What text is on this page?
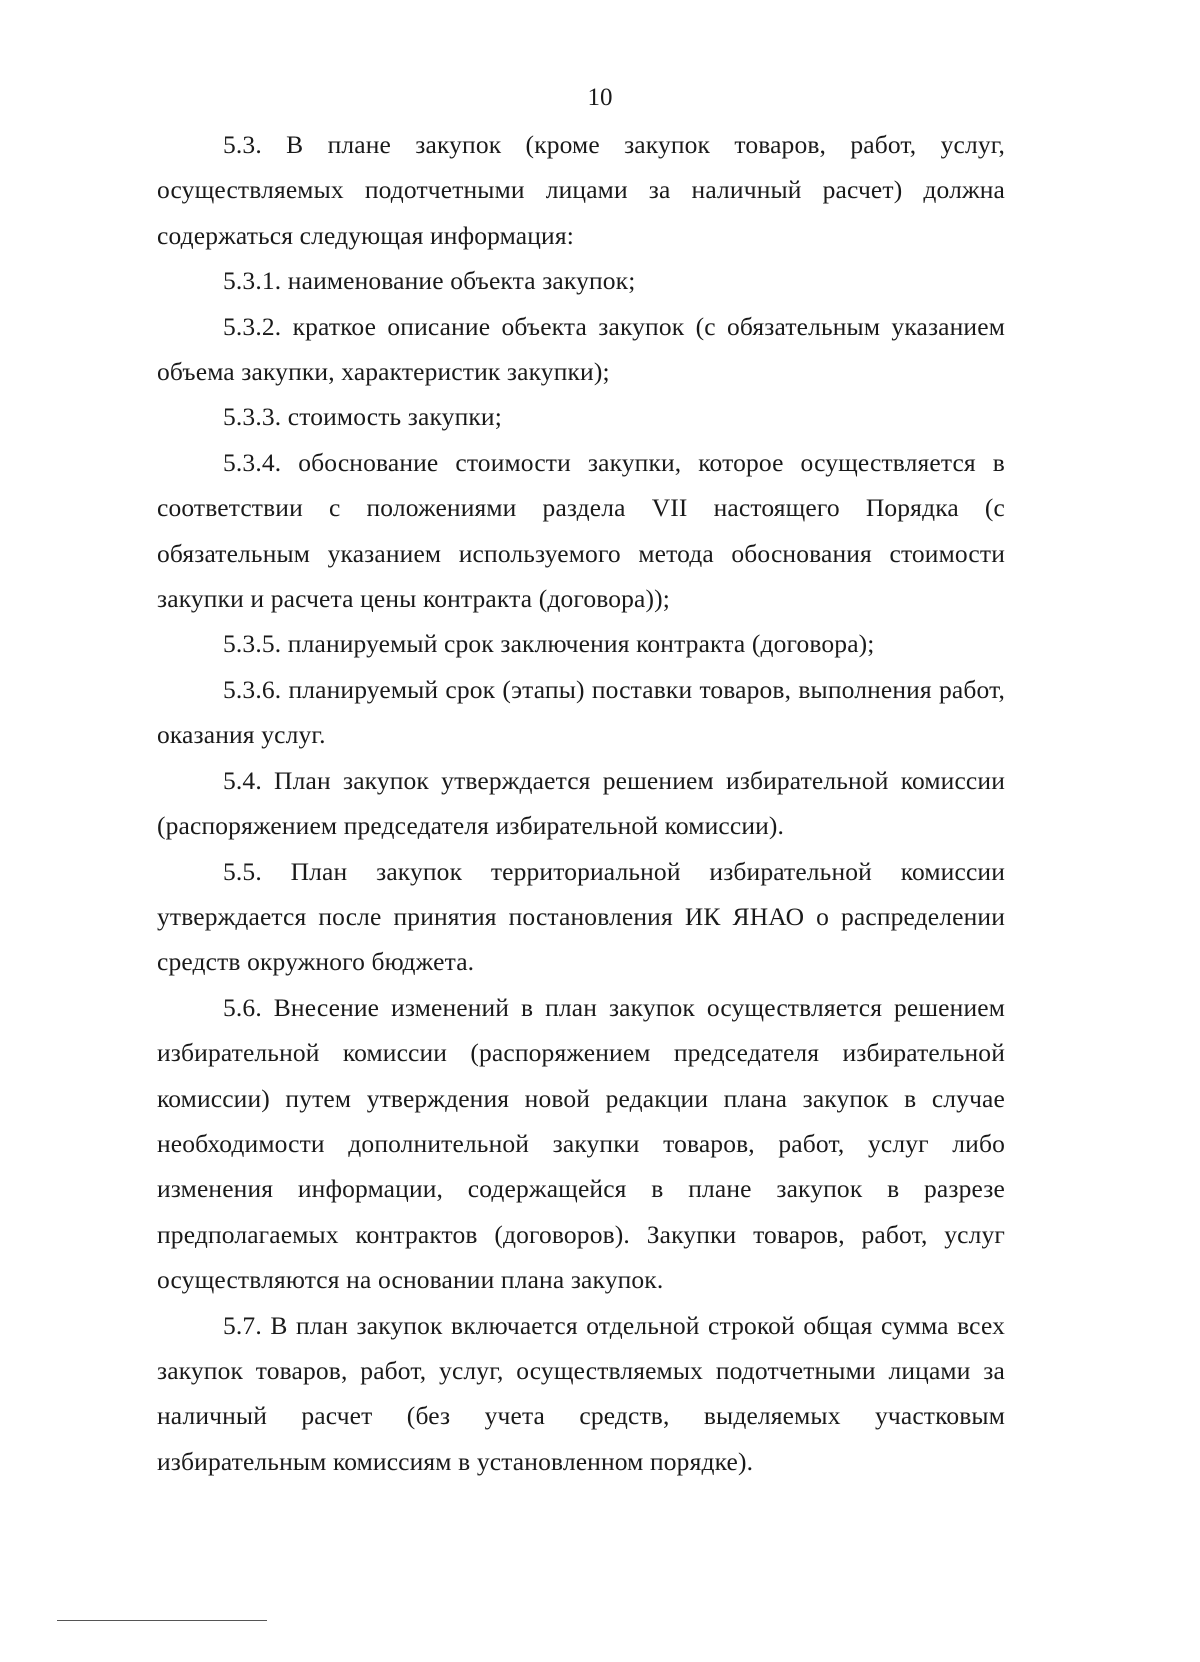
10

5.3. В плане закупок (кроме закупок товаров, работ, услуг, осуществляемых подотчетными лицами за наличный расчет) должна содержаться следующая информация:

5.3.1. наименование объекта закупок;

5.3.2. краткое описание объекта закупок (с обязательным указанием объема закупки, характеристик закупки);

5.3.3. стоимость закупки;

5.3.4. обоснование стоимости закупки, которое осуществляется в соответствии с положениями раздела VII настоящего Порядка (с обязательным указанием используемого метода обоснования стоимости закупки и расчета цены контракта (договора));

5.3.5. планируемый срок заключения контракта (договора);

5.3.6. планируемый срок (этапы) поставки товаров, выполнения работ, оказания услуг.

5.4. План закупок утверждается решением избирательной комиссии (распоряжением председателя избирательной комиссии).

5.5. План закупок территориальной избирательной комиссии утверждается после принятия постановления ИК ЯНАО о распределении средств окружного бюджета.

5.6. Внесение изменений в план закупок осуществляется решением избирательной комиссии (распоряжением председателя избирательной комиссии) путем утверждения новой редакции плана закупок в случае необходимости дополнительной закупки товаров, работ, услуг либо изменения информации, содержащейся в плане закупок в разрезе предполагаемых контрактов (договоров). Закупки товаров, работ, услуг осуществляются на основании плана закупок.

5.7. В план закупок включается отдельной строкой общая сумма всех закупок товаров, работ, услуг, осуществляемых подотчетными лицами за наличный расчет (без учета средств, выделяемых участковым избирательным комиссиям в установленном порядке).
